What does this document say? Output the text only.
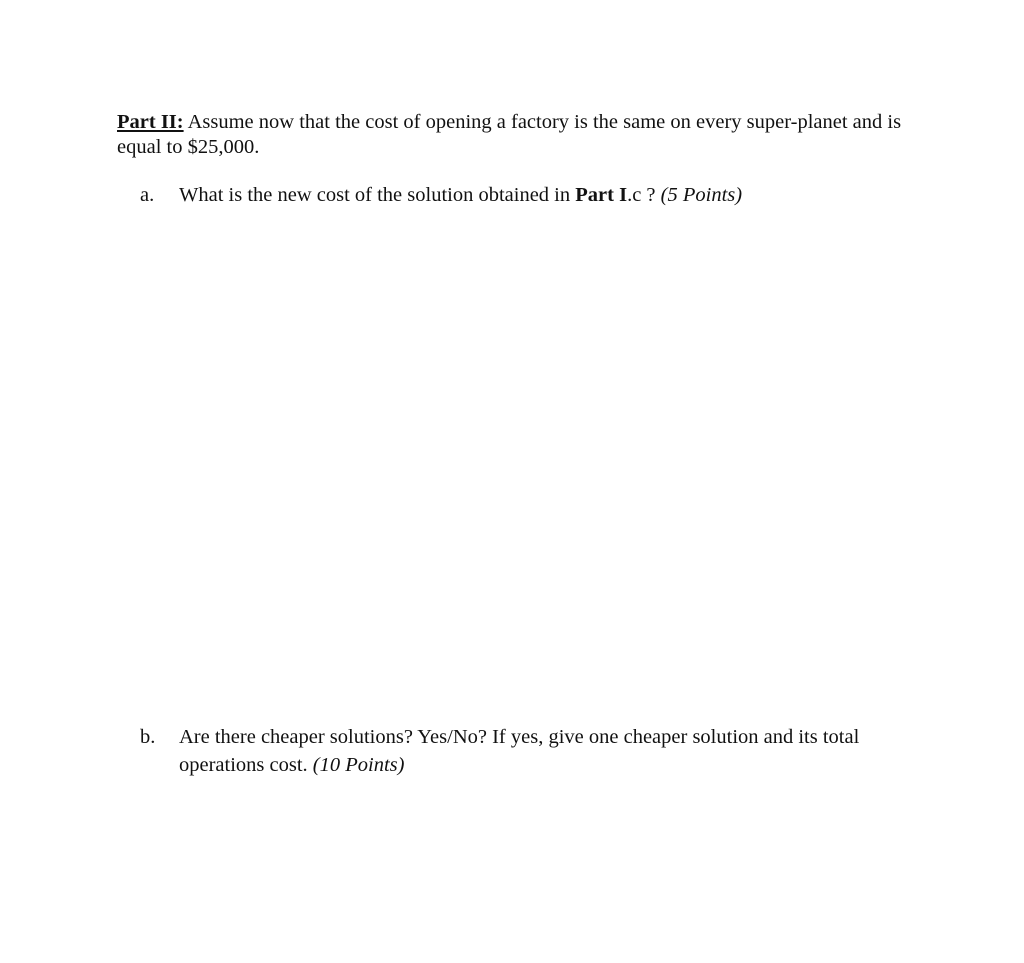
Part II: Assume now that the cost of opening a factory is the same on every super-planet and is equal to $25,000.

a. What is the new cost of the solution obtained in Part I.c ? (5 Points)
b. Are there cheaper solutions? Yes/No? If yes, give one cheaper solution and its total operations cost. (10 Points)
